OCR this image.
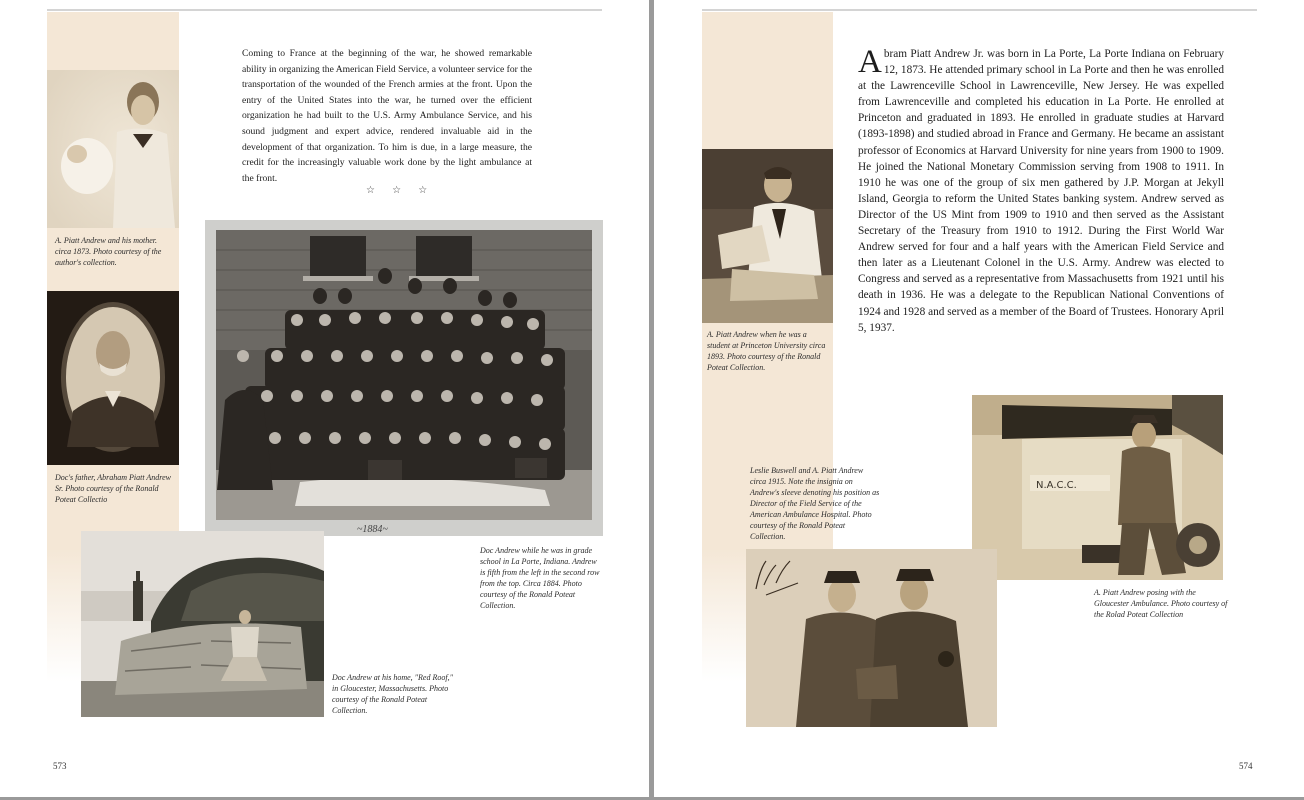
A. Piatt Andrew and his mother. circa 1873. Photo courtesy of the author's collection.
Doc's father, Abraham Piatt Andrew Sr. Photo courtesy of the Ronald Poteat Collectio

Coming to France at the beginning of the war, he showed remarkable ability in organizing the American Field Service, a volunteer service for the transportation of the wounded of the French armies at the front. Upon the entry of the United States into the war, he turned over the efficient organization he had built to the U.S. Army Ambulance Service, and his sound judgment and expert advice, rendered invaluable aid in the development of that organization. To him is due, in a large measure, the credit for the increasingly valuable work done by the light ambulance at the front.

☆ ☆ ☆
~1884~
Doc Andrew at his home, "Red Roof," in Gloucester, Massachusetts. Photo courtesy of the Ronald Poteat Collection.
Doc Andrew while he was in grade school in La Porte, Indiana. Andrew is fifth from the left in the second row from the top. Circa 1884. Photo courtesy of the Ronald Poteat Collection.
573
A. Piatt Andrew when he was a student at Princeton University circa 1893. Photo courtesy of the Ronald Poteat Collection.
Abram Piatt Andrew Jr. was born in La Porte, La Porte Indiana on February 12, 1873. He attended primary school in La Porte and then he was enrolled at the Lawrenceville School in Lawrenceville, New Jersey. He was expelled from Lawrenceville and completed his education in La Porte. He enrolled at Princeton and graduated in 1893. He enrolled in graduate studies at Harvard (1893-1898) and studied abroad in France and Germany. He became an assistant professor of Economics at Harvard University for nine years from 1900 to 1909. He joined the National Monetary Commission serving from 1908 to 1911. In 1910 he was one of the group of six men gathered by J.P. Morgan at Jekyll Island, Georgia to reform the United States banking system. Andrew served as Director of the US Mint from 1909 to 1910 and then served as the Assistant Secretary of the Treasury from 1910 to 1912. During the First World War Andrew served for four and a half years with the American Field Service and then later as a Lieutenant Colonel in the U.S. Army. Andrew was elected to Congress and served as a representative from Massachusetts from 1921 until his death in 1936. He was a delegate to the Republican National Conventions of 1924 and 1928 and served as a member of the Board of Trustees. Honorary April 5, 1937.
N.A.C.C.
A. Piatt Andrew posing with the Gloucester Ambulance. Photo courtesy of the Rolad Poteat Collection
Leslie Buswell and A. Piatt Andrew circa 1915. Note the insignia on Andrew's sleeve denoting his position as Director of the Field Service of the American Ambulance Hospital. Photo courtesy of the Ronald Poteat Collection.
574
